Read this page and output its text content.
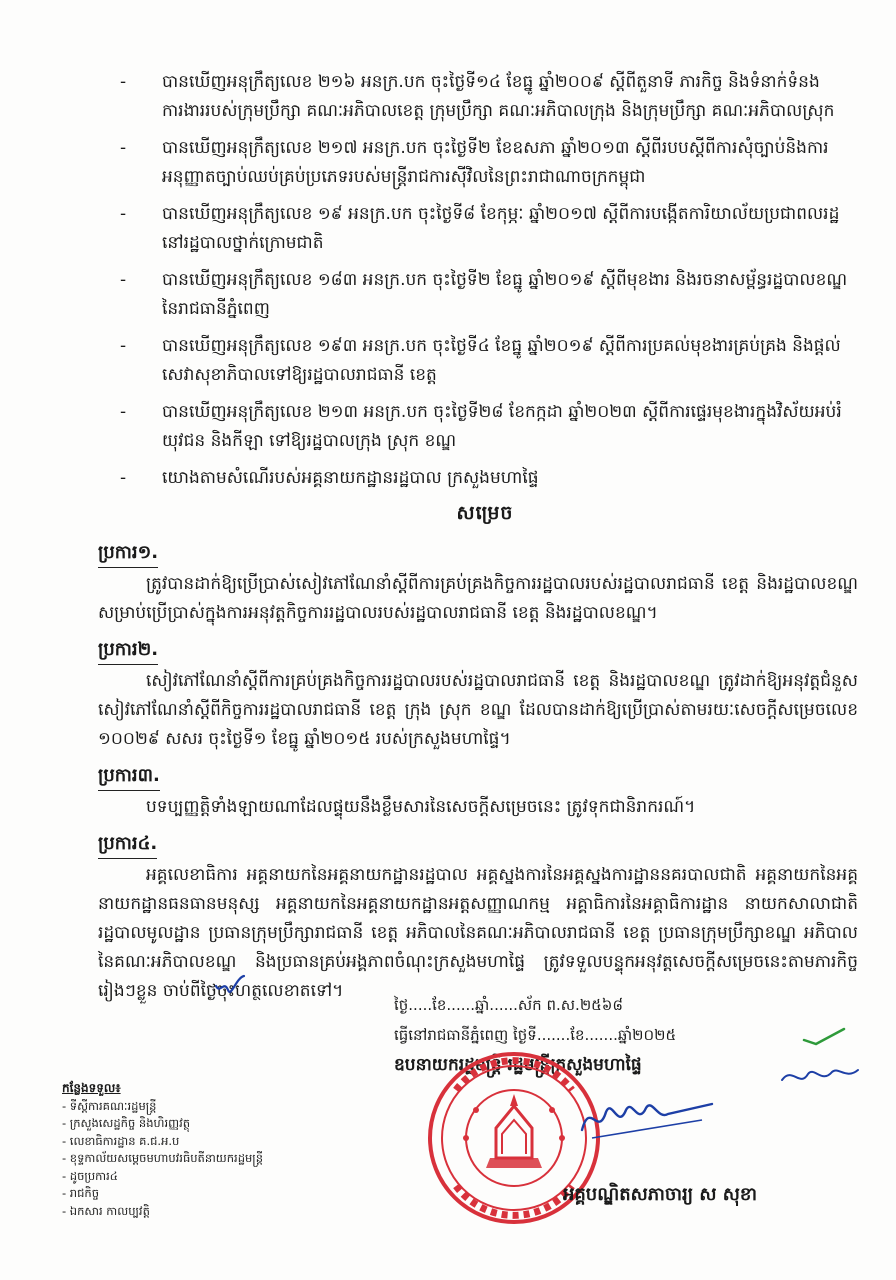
-	បានឃើញអនុក្រឹត្យលេខ ២១៦ អនក្រ.បក ចុះថ្ងៃទី១៤ ខែធ្នូ ឆ្នាំ២០០៩ ស្តីពីតួនាទី ភារកិច្ច និងទំនាក់ទំនងការងាររបស់ក្រុមប្រឹក្សា គណៈអភិបាលខេត្ត ក្រុមប្រឹក្សា គណៈអភិបាលក្រុង និងក្រុមប្រឹក្សា គណៈអភិបាលស្រុក
-	បានឃើញអនុក្រឹត្យលេខ ២១៧ អនក្រ.បក ចុះថ្ងៃទី២ ខែឧសភា ឆ្នាំ២០១៣ ស្តីពីរបបស្តីពីការសុំច្បាប់និងការអនុញ្ញាតច្បាប់ឈប់គ្រប់ប្រភេទរបស់មន្ត្រីរាជការស៊ីវិលនៃព្រះរាជាណាចក្រកម្ពុជា
-	បានឃើញអនុក្រឹត្យលេខ ១៩ អនក្រ.បក ចុះថ្ងៃទី៨ ខែកុម្ភៈ ឆ្នាំ២០១៧ ស្តីពីការបង្កើតការិយាល័យប្រជាពលរដ្ឋនៅរដ្ឋបាលថ្នាក់ក្រោមជាតិ
-	បានឃើញអនុក្រឹត្យលេខ ១៨៣ អនក្រ.បក ចុះថ្ងៃទី២ ខែធ្នូ ឆ្នាំ២០១៩ ស្តីពីមុខងារ និងរចនាសម្ព័ន្ធរដ្ឋបាលខណ្ឌនៃរាជធានីភ្នំពេញ
-	បានឃើញអនុក្រឹត្យលេខ ១៩៣ អនក្រ.បក ចុះថ្ងៃទី៤ ខែធ្នូ ឆ្នាំ២០១៩ ស្តីពីការប្រគល់មុខងារគ្រប់គ្រង និងផ្តល់សេវាសុខាភិបាលទៅឱ្យរដ្ឋបាលរាជធានី ខេត្ត
-	បានឃើញអនុក្រឹត្យលេខ ២១៣ អនក្រ.បក ចុះថ្ងៃទី២៨ ខែកក្កដា ឆ្នាំ២០២៣ ស្តីពីការផ្ទេរមុខងារក្នុងវិស័យអប់រំ យុវជន និងកីឡា ទៅឱ្យរដ្ឋបាលក្រុង ស្រុក ខណ្ឌ
-	យោងតាមសំណើរបស់អគ្គនាយកដ្ឋានរដ្ឋបាល ក្រសួងមហាផ្ទៃ
សម្រេច
ប្រការ១.
ត្រូវបានដាក់ឱ្យប្រើប្រាស់សៀវភៅណែនាំស្តីពីការគ្រប់គ្រងកិច្ចការរដ្ឋបាលរបស់រដ្ឋបាលរាជធានី ខេត្ត និងរដ្ឋបាលខណ្ឌ សម្រាប់ប្រើប្រាស់ក្នុងការអនុវត្តកិច្ចការរដ្ឋបាលរបស់រដ្ឋបាលរាជធានី ខេត្ត និងរដ្ឋបាលខណ្ឌ។
ប្រការ២.
សៀវភៅណែនាំស្តីពីការគ្រប់គ្រងកិច្ចការរដ្ឋបាលរបស់រដ្ឋបាលរាជធានី ខេត្ត និងរដ្ឋបាលខណ្ឌ ត្រូវដាក់ឱ្យអនុវត្តជំនួសសៀវភៅណែនាំស្តីពីកិច្ចការរដ្ឋបាលរាជធានី ខេត្ត ក្រុង ស្រុក ខណ្ឌ ដែលបានដាក់ឱ្យប្រើប្រាស់តាមរយៈសេចក្តីសម្រេចលេខ ១០០២៩ សសរ ចុះថ្ងៃទី១ ខែធ្នូ ឆ្នាំ២០១៥ របស់ក្រសួងមហាផ្ទៃ។
ប្រការ៣.
បទប្បញ្ញត្តិទាំងឡាយណាដែលផ្ទុយនឹងខ្លឹមសារនៃសេចក្តីសម្រេចនេះ ត្រូវទុកជានិរាករណ៍។
ប្រការ៤.
អគ្គលេខាធិការ អគ្គនាយកនៃអគ្គនាយកដ្ឋានរដ្ឋបាល អគ្គស្នងការនៃអគ្គស្នងការដ្ឋាននគរបាលជាតិ អគ្គនាយកនៃអគ្គនាយកដ្ឋានធនធានមនុស្ស អគ្គនាយកនៃអគ្គនាយកដ្ឋានអត្តសញ្ញាណកម្ម អគ្គាធិការនៃអគ្គាធិការដ្ឋាន នាយកសាលាជាតិរដ្ឋបាលមូលដ្ឋាន ប្រធានក្រុមប្រឹក្សារាជធានី ខេត្ត អភិបាលនៃគណៈអភិបាលរាជធានី ខេត្ត ប្រធានក្រុមប្រឹក្សាខណ្ឌ អភិបាលនៃគណៈអភិបាលខណ្ឌ និងប្រធានគ្រប់អង្គភាពចំណុះក្រសួងមហាផ្ទៃ ត្រូវទទួលបន្ទុកអនុវត្តសេចក្តីសម្រេចនេះតាមភារកិច្ចរៀងៗខ្លួន ចាប់ពីថ្ងៃចុះហត្ថលេខាតទៅ។
ថ្ងៃ.....ខែ......ឆ្នាំ......ស័ក ព.ស.២៥៦៨
ធ្វើនៅរាជធានីភ្នំពេញ ថ្ងៃទី.......ខែ.......ឆ្នាំ២០២៥
ឧបនាយករដ្ឋមន្ត្រី រដ្ឋមន្ត្រីក្រសួងមហាផ្ទៃ
អគ្គបណ្ឌិតសភាចារ្យ ស សុខា
កន្លែងទទួល៖
- ទីស្តីការគណៈរដ្ឋមន្ត្រី
- ក្រសួងសេដ្ឋកិច្ច និងហិរញ្ញវត្ថុ
- លេខាធិការដ្ឋាន គ.ជ.អ.ប
- ខុទ្ទកាល័យសម្តេចមហាបវរធិបតីនាយករដ្ឋមន្ត្រី
- ដូចប្រការ៤
- រាជកិច្ច
- ឯកសារ កាលប្បវត្តិ
